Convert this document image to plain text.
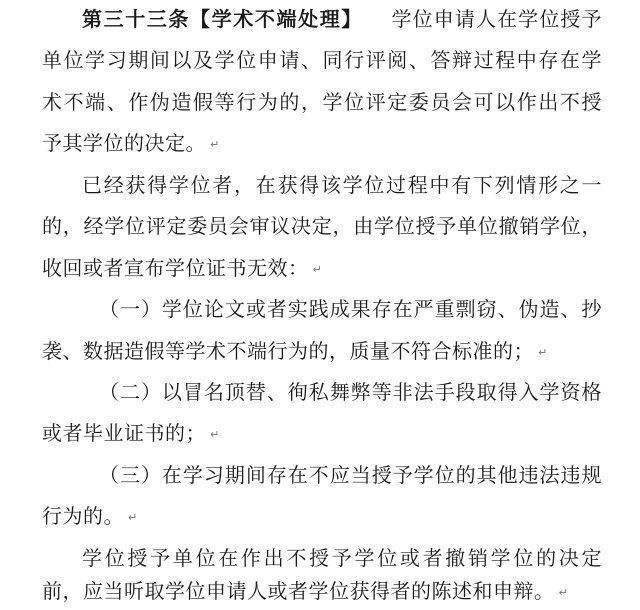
第三十三条【学术不端处理】 学位申请人在学位授予
单位学习期间以及学位申请、同行评阅、答辩过程中存在学
术不端、作伪造假等行为的，学位评定委员会可以作出不授
予其学位的决定。 ↵
已经获得学位者，在获得该学位过程中有下列情形之一
的，经学位评定委员会审议决定，由学位授予单位撤销学位，
收回或者宣布学位证书无效： ↵
（一）学位论文或者实践成果存在严重剽窃、伪造、抄
袭、数据造假等学术不端行为的，质量不符合标准的； ↵
（二）以冒名顶替、徇私舞弊等非法手段取得入学资格
或者毕业证书的； ↵
（三）在学习期间存在不应当授予学位的其他违法违规
行为的。 ↵
学位授予单位在作出不授予学位或者撤销学位的决定
前，应当听取学位申请人或者学位获得者的陈述和申辩。 ↵
